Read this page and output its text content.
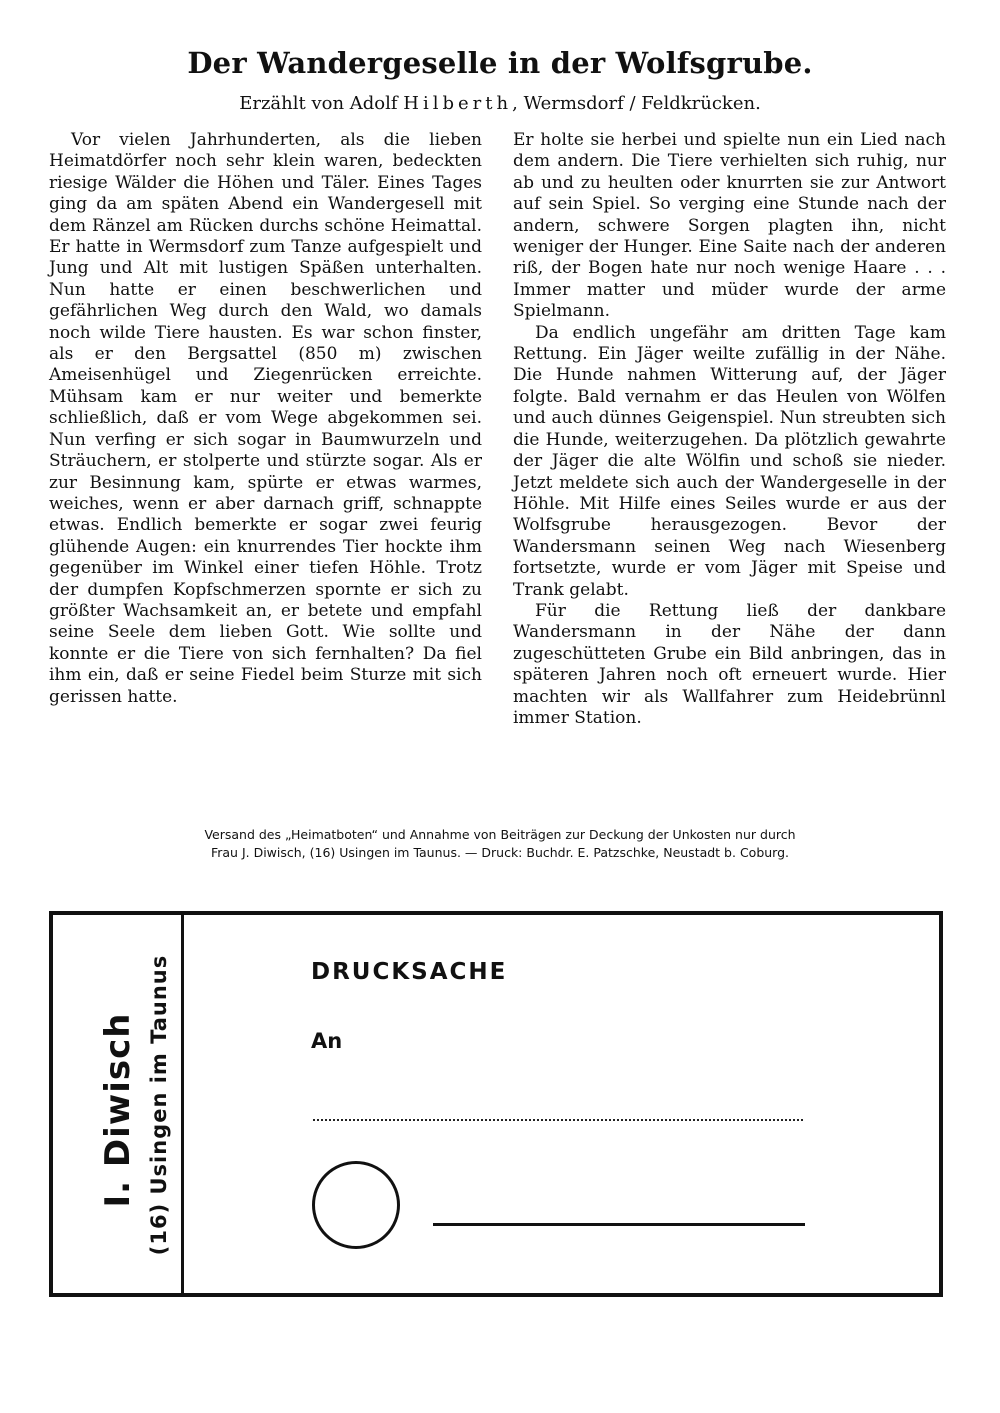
Der Wandergeselle in der Wolfsgrube.
Erzählt von Adolf Hilberth, Wermsdorf / Feldkrücken.

Vor vielen Jahrhunderten, als die lieben Heimatdörfer noch sehr klein waren, bedeckten riesige Wälder die Höhen und Täler. Eines Tages ging da am späten Abend ein Wandergesell mit dem Ränzel am Rücken durchs schöne Heimattal. Er hatte in Wermsdorf zum Tanze aufgespielt und Jung und Alt mit lustigen Späßen unterhalten. Nun hatte er einen beschwerlichen und gefährlichen Weg durch den Wald, wo damals noch wilde Tiere hausten. Es war schon finster, als er den Bergsattel (850 m) zwischen Ameisenhügel und Ziegenrücken erreichte. Mühsam kam er nur weiter und bemerkte schließlich, daß er vom Wege abgekommen sei. Nun verfing er sich sogar in Baumwurzeln und Sträuchern, er stolperte und stürzte sogar. Als er zur Besinnung kam, spürte er etwas warmes, weiches, wenn er aber darnach griff, schnappte etwas. Endlich bemerkte er sogar zwei feurig glühende Augen: ein knurrendes Tier hockte ihm gegenüber im Winkel einer tiefen Höhle. Trotz der dumpfen Kopfschmerzen spornte er sich zu größter Wachsamkeit an, er betete und empfahl seine Seele dem lieben Gott. Wie sollte und konnte er die Tiere von sich fernhalten? Da fiel ihm ein, daß er seine Fiedel beim Sturze mit sich gerissen hatte.

Er holte sie herbei und spielte nun ein Lied nach dem andern. Die Tiere verhielten sich ruhig, nur ab und zu heulten oder knurrten sie zur Antwort auf sein Spiel. So verging eine Stunde nach der andern, schwere Sorgen plagten ihn, nicht weniger der Hunger. Eine Saite nach der anderen riß, der Bogen hate nur noch wenige Haare . . . Immer matter und müder wurde der arme Spielmann.

Da endlich ungefähr am dritten Tage kam Rettung. Ein Jäger weilte zufällig in der Nähe. Die Hunde nahmen Witterung auf, der Jäger folgte. Bald vernahm er das Heulen von Wölfen und auch dünnes Geigenspiel. Nun streubten sich die Hunde, weiterzugehen. Da plötzlich gewahrte der Jäger die alte Wölfin und schoß sie nieder. Jetzt meldete sich auch der Wandergeselle in der Höhle. Mit Hilfe eines Seiles wurde er aus der Wolfsgrube herausgezogen. Bevor der Wandersmann seinen Weg nach Wiesenberg fortsetzte, wurde er vom Jäger mit Speise und Trank gelabt.

Für die Rettung ließ der dankbare Wandersmann in der Nähe der dann zugeschütteten Grube ein Bild anbringen, das in späteren Jahren noch oft erneuert wurde. Hier machten wir als Wallfahrer zum Heidebrünnl immer Station.

Versand des „Heimatboten“ und Annahme von Beiträgen zur Deckung der Unkosten nur durch
Frau J. Diwisch, (16) Usingen im Taunus. — Druck: Buchdr. E. Patzschke, Neustadt b. Coburg.
I. Diwisch (16) Usingen im Taunus	DRUCKSACHE
An
